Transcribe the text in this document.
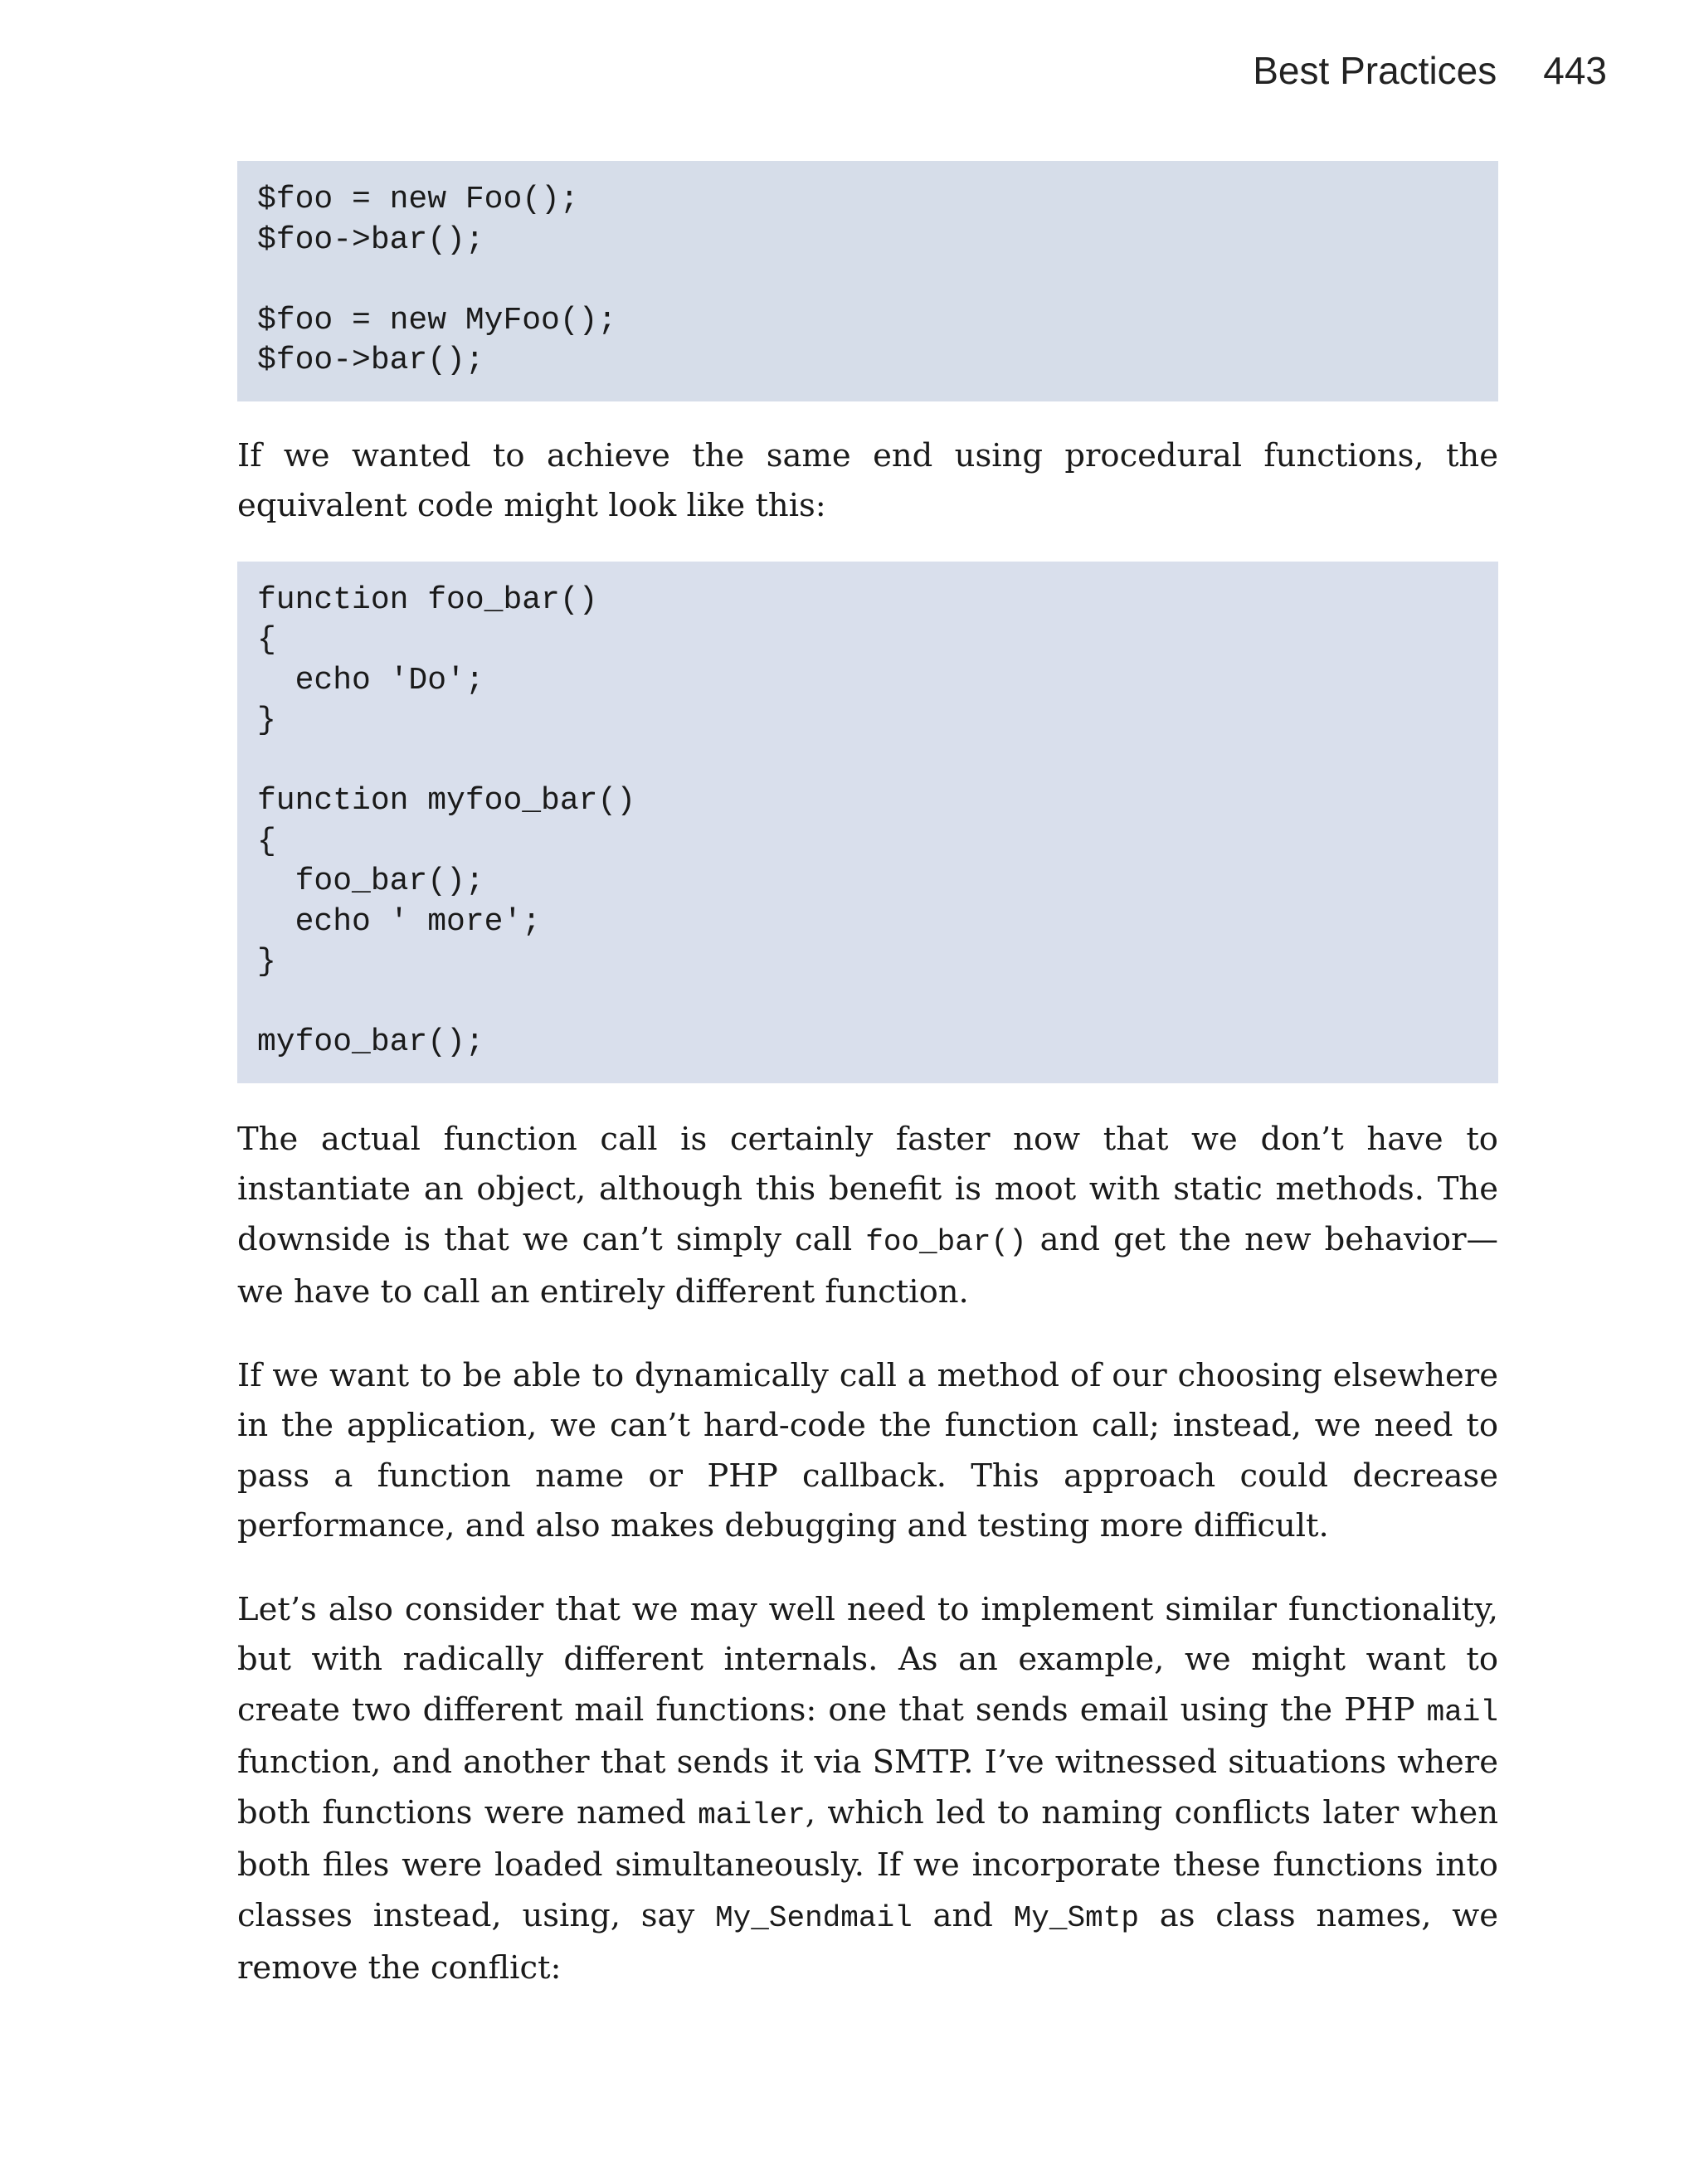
Best Practices 443
$foo = new Foo();
$foo->bar();
$foo = new MyFoo();
$foo->bar();

If we wanted to achieve the same end using procedural functions, the equivalent code might look like this:

function foo_bar()
{
echo 'Do';
}
function myfoo_bar()
{
foo_bar();
echo ' more';
}
myfoo_bar();

The actual function call is certainly faster now that we don’t have to instantiate an object, although this benefit is moot with static methods. The downside is that we can’t simply call foo_bar() and get the new behavior—we have to call an entirely different function.

If we want to be able to dynamically call a method of our choosing elsewhere in the application, we can’t hard-code the function call; instead, we need to pass a function name or PHP callback. This approach could decrease performance, and also makes debugging and testing more difficult.

Let’s also consider that we may well need to implement similar functionality, but with radically different internals. As an example, we might want to create two different mail functions: one that sends email using the PHP mail function, and another that sends it via SMTP. I’ve witnessed situations where both functions were named mailer, which led to naming conflicts later when both files were loaded simultaneously. If we incorporate these functions into classes instead, using, say My_Sendmail and My_Smtp as class names, we remove the conflict:
